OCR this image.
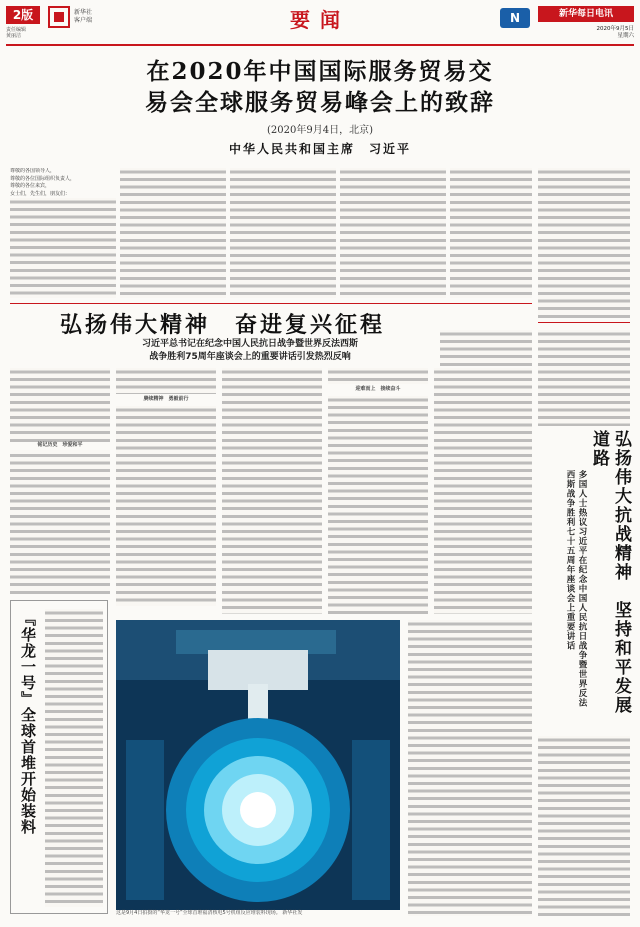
2版
责任编辑
黄丽洁
新华社
客户端	要闻	N	新华每日电讯
2020年9月5日
星期六
在2020年中国国际服务贸易交
易会全球服务贸易峰会上的致辞
(2020年9月4日，北京)
中华人民共和国主席　习近平
尊敬的各国领导人，
尊敬的各位国际组织负责人，
尊敬的各位来宾，
女士们，先生们，朋友们：
弘扬伟大精神　奋进复兴征程
习近平总书记在纪念中国人民抗日战争暨世界反法西斯
战争胜利75周年座谈会上的重要讲话引发热烈反响
赓续精神　勇毅前行
迎难而上　接续奋斗
铭记历史　珍爱和平
『华龙一号』全球首堆开始装料
这是9月4日拍摄的“华龙一号”全球首堆福清核电5号机组反应堆装料现场。 新华社发
弘扬伟大抗战精神　坚持和平发展道路
多国人士热议习近平在纪念中国人民抗日战争暨世界反法西斯战争胜利七十五周年座谈会上重要讲话
